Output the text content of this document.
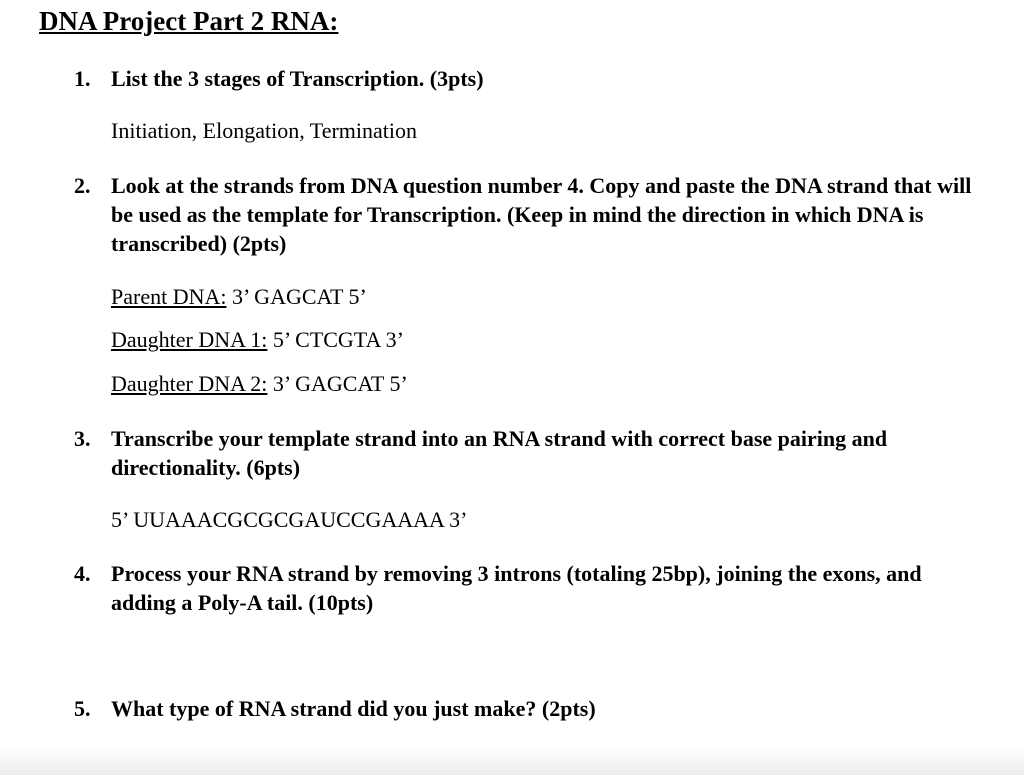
DNA Project Part 2 RNA:
1. List the 3 stages of Transcription. (3pts)
Initiation, Elongation, Termination
2. Look at the strands from DNA question number 4. Copy and paste the DNA strand that will be used as the template for Transcription. (Keep in mind the direction in which DNA is transcribed) (2pts)
Parent DNA: 3’ GAGCAT 5’
Daughter DNA 1: 5’ CTCGTA 3’
Daughter DNA 2: 3’ GAGCAT 5’
3. Transcribe your template strand into an RNA strand with correct base pairing and directionality. (6pts)
5’ UUAAACGCGCGAUCCGAAAA 3’
4. Process your RNA strand by removing 3 introns (totaling 25bp), joining the exons, and adding a Poly-A tail. (10pts)
5. What type of RNA strand did you just make? (2pts)
